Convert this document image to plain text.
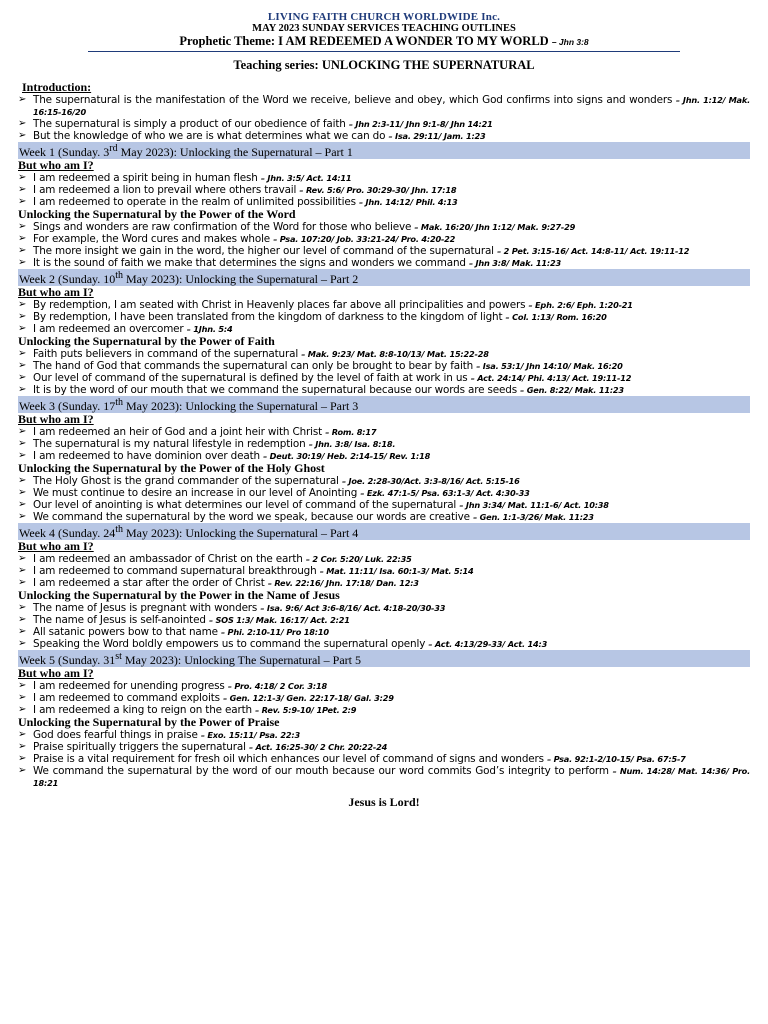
LIVING FAITH CHURCH WORLDWIDE Inc.
MAY 2023 SUNDAY SERVICES TEACHING OUTLINES
Prophetic Theme: I AM REDEEMED A WONDER TO MY WORLD – Jhn 3:8
Teaching series: UNLOCKING THE SUPERNATURAL
Introduction:
➢ The supernatural is the manifestation of the Word we receive, believe and obey, which God confirms into signs and wonders – Jhn. 1:12/ Mak. 16:15-16/20
➢ The supernatural is simply a product of our obedience of faith – Jhn 2:3-11/ Jhn 9:1-8/ Jhn 14:21
➢ But the knowledge of who we are is what determines what we can do – Isa. 29:11/ Jam. 1:23
Week 1 (Sunday. 3rd May 2023): Unlocking the Supernatural – Part 1
But who am I?
➢ I am redeemed a spirit being in human flesh – Jhn. 3:5/ Act. 14:11
➢ I am redeemed a lion to prevail where others travail – Rev. 5:6/ Pro. 30:29-30/ Jhn. 17:18
➢ I am redeemed to operate in the realm of unlimited possibilities – Jhn. 14:12/ Phil. 4:13
Unlocking the Supernatural by the Power of the Word
➢ Sings and wonders are raw confirmation of the Word for those who believe – Mak. 16:20/ Jhn 1:12/ Mak. 9:27-29
➢ For example, the Word cures and makes whole – Psa. 107:20/ Job. 33:21-24/ Pro. 4:20-22
➢ The more insight we gain in the word, the higher our level of command of the supernatural – 2 Pet. 3:15-16/ Act. 14:8-11/ Act. 19:11-12
➢ It is the sound of faith we make that determines the signs and wonders we command – Jhn 3:8/ Mak. 11:23
Week 2 (Sunday. 10th May 2023): Unlocking the Supernatural – Part 2
But who am I?
➢ By redemption, I am seated with Christ in Heavenly places far above all principalities and powers – Eph. 2:6/ Eph. 1:20-21
➢ By redemption, I have been translated from the kingdom of darkness to the kingdom of light – Col. 1:13/ Rom. 16:20
➢ I am redeemed an overcomer – 1Jhn. 5:4
Unlocking the Supernatural by the Power of Faith
➢ Faith puts believers in command of the supernatural – Mak. 9:23/ Mat. 8:8-10/13/ Mat. 15:22-28
➢ The hand of God that commands the supernatural can only be brought to bear by faith – Isa. 53:1/ Jhn 14:10/ Mak. 16:20
➢ Our level of command of the supernatural is defined by the level of faith at work in us – Act. 24:14/ Phi. 4:13/ Act. 19:11-12
➢ It is by the word of our mouth that we command the supernatural because our words are seeds – Gen. 8:22/ Mak. 11:23
Week 3 (Sunday. 17th May 2023): Unlocking the Supernatural – Part 3
But who am I?
➢ I am redeemed an heir of God and a joint heir with Christ – Rom. 8:17
➢ The supernatural is my natural lifestyle in redemption – Jhn. 3:8/ Isa. 8:18.
➢ I am redeemed to have dominion over death – Deut. 30:19/ Heb. 2:14-15/ Rev. 1:18
Unlocking the Supernatural by the Power of the Holy Ghost
➢ The Holy Ghost is the grand commander of the supernatural – Joe. 2:28-30/Act. 3:3-8/16/ Act. 5:15-16
➢ We must continue to desire an increase in our level of Anointing – Ezk. 47:1-5/ Psa. 63:1-3/ Act. 4:30-33
➢ Our level of anointing is what determines our level of command of the supernatural – Jhn 3:34/ Mat. 11:1-6/ Act. 10:38
➢ We command the supernatural by the word we speak, because our words are creative – Gen. 1:1-3/26/ Mak. 11:23
Week 4 (Sunday. 24th May 2023): Unlocking the Supernatural – Part 4
But who am I?
➢ I am redeemed an ambassador of Christ on the earth – 2 Cor. 5:20/ Luk. 22:35
➢ I am redeemed to command supernatural breakthrough – Mat. 11:11/ Isa. 60:1-3/ Mat. 5:14
➢ I am redeemed a star after the order of Christ – Rev. 22:16/ Jhn. 17:18/ Dan. 12:3
Unlocking the Supernatural by the Power in the Name of Jesus
➢ The name of Jesus is pregnant with wonders – Isa. 9:6/ Act 3:6-8/16/ Act. 4:18-20/30-33
➢ The name of Jesus is self-anointed – SOS 1:3/ Mak. 16:17/ Act. 2:21
➢ All satanic powers bow to that name – Phi. 2:10-11/ Pro 18:10
➢ Speaking the Word boldly empowers us to command the supernatural openly – Act. 4:13/29-33/ Act. 14:3
Week 5 (Sunday. 31st May 2023): Unlocking The Supernatural – Part 5
But who am I?
➢ I am redeemed for unending progress – Pro. 4:18/ 2 Cor. 3:18
➢ I am redeemed to command exploits – Gen. 12:1-3/ Gen. 22:17-18/ Gal. 3:29
➢ I am redeemed a king to reign on the earth – Rev. 5:9-10/ 1Pet. 2:9
Unlocking the Supernatural by the Power of Praise
➢ God does fearful things in praise – Exo. 15:11/ Psa. 22:3
➢ Praise spiritually triggers the supernatural – Act. 16:25-30/ 2 Chr. 20:22-24
➢ Praise is a vital requirement for fresh oil which enhances our level of command of signs and wonders – Psa. 92:1-2/10-15/ Psa. 67:5-7
➢ We command the supernatural by the word of our mouth because our word commits God’s integrity to perform – Num. 14:28/ Mat. 14:36/ Pro. 18:21
Jesus is Lord!
